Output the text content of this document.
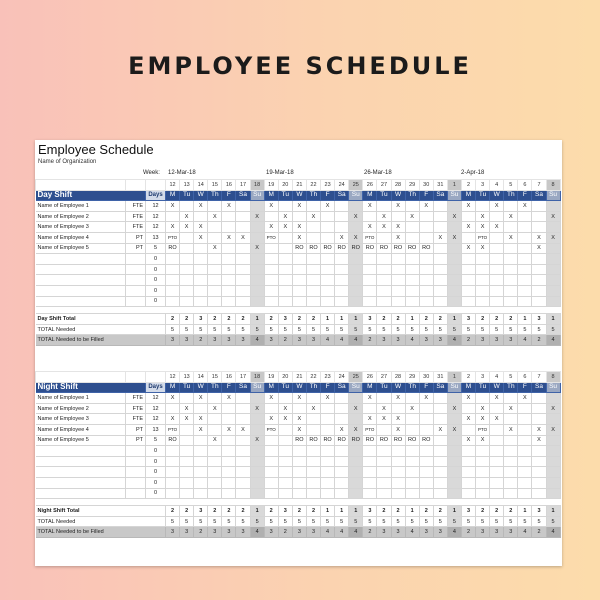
EMPLOYEE SCHEDULE
Employee Schedule
Name of Organization
Week: 12-Mar-18	19-Mar-18	26-Mar-18	2-Apr-18
			12	13	14	15	16	17	18	19	20	21	22	23	24	25	26	27	28	29	30	31	1	2	3	4	5	6	7	8
Day Shift		Days	M	Tu	W	Th	F	Sa	Su	M	Tu	W	Th	F	Sa	Su	M	Tu	W	Th	F	Sa	Su	M	Tu	W	Th	F	Sa	Su
Name of Employee 1	FTE	12	X		X		X			X		X		X			X		X		X			X		X		X		
Name of Employee 2	FTE	12		X		X			X		X		X			X		X		X			X		X		X			X
Name of Employee 3	FTE	12	X	X	X					X	X	X					X	X	X					X	X	X				
Name of Employee 4	PT	13	PTO		X		X	X		PTO		X			X	X	PTO		X			X	X		PTO		X		X	X
Name of Employee 5	PT	5	RO			X			X			RO	RO	RO	RO	RO	RO	RO	RO	RO	RO			X	X				X	
		0																												
		0																												
		0																												
		0																												
		0																												

Day Shift Total			2	2	3	2	2	2	1	2	3	2	2	1	1	1	3	2	2	1	2	2	1	3	2	2	2	1	3	1
TOTAL Needed			5	5	5	5	5	5	5	5	5	5	5	5	5	5	5	5	5	5	5	5	5	5	5	5	5	5	5	5
TOTAL Needed to be Filled			3	3	2	3	3	3	4	3	2	3	3	4	4	4	2	3	3	4	3	3	4	2	3	3	3	4	2	4
			12	13	14	15	16	17	18	19	20	21	22	23	24	25	26	27	28	29	30	31	1	2	3	4	5	6	7	8
Night Shift		Days	M	Tu	W	Th	F	Sa	Su	M	Tu	W	Th	F	Sa	Su	M	Tu	W	Th	F	Sa	Su	M	Tu	W	Th	F	Sa	Su
Name of Employee 1	FTE	12	X		X		X			X		X		X			X		X		X			X		X		X		
Name of Employee 2	FTE	12		X		X			X		X		X			X		X		X			X		X		X			X
Name of Employee 3	FTE	12	X	X	X					X	X	X					X	X	X					X	X	X				
Name of Employee 4	PT	13	PTO		X		X	X		PTO		X			X	X	PTO		X			X	X		PTO		X		X	X
Name of Employee 5	PT	5	RO			X			X			RO	RO	RO	RO	RO	RO	RO	RO	RO	RO			X	X				X	
		0																												
		0																												
		0																												
		0																												
		0																												

Night Shift Total			2	2	3	2	2	2	1	2	3	2	2	1	1	1	3	2	2	1	2	2	1	3	2	2	2	1	3	1
TOTAL Needed			5	5	5	5	5	5	5	5	5	5	5	5	5	5	5	5	5	5	5	5	5	5	5	5	5	5	5	5
TOTAL Needed to be Filled			3	3	2	3	3	3	4	3	2	3	3	4	4	4	2	3	3	4	3	3	4	2	3	3	3	4	2	4
